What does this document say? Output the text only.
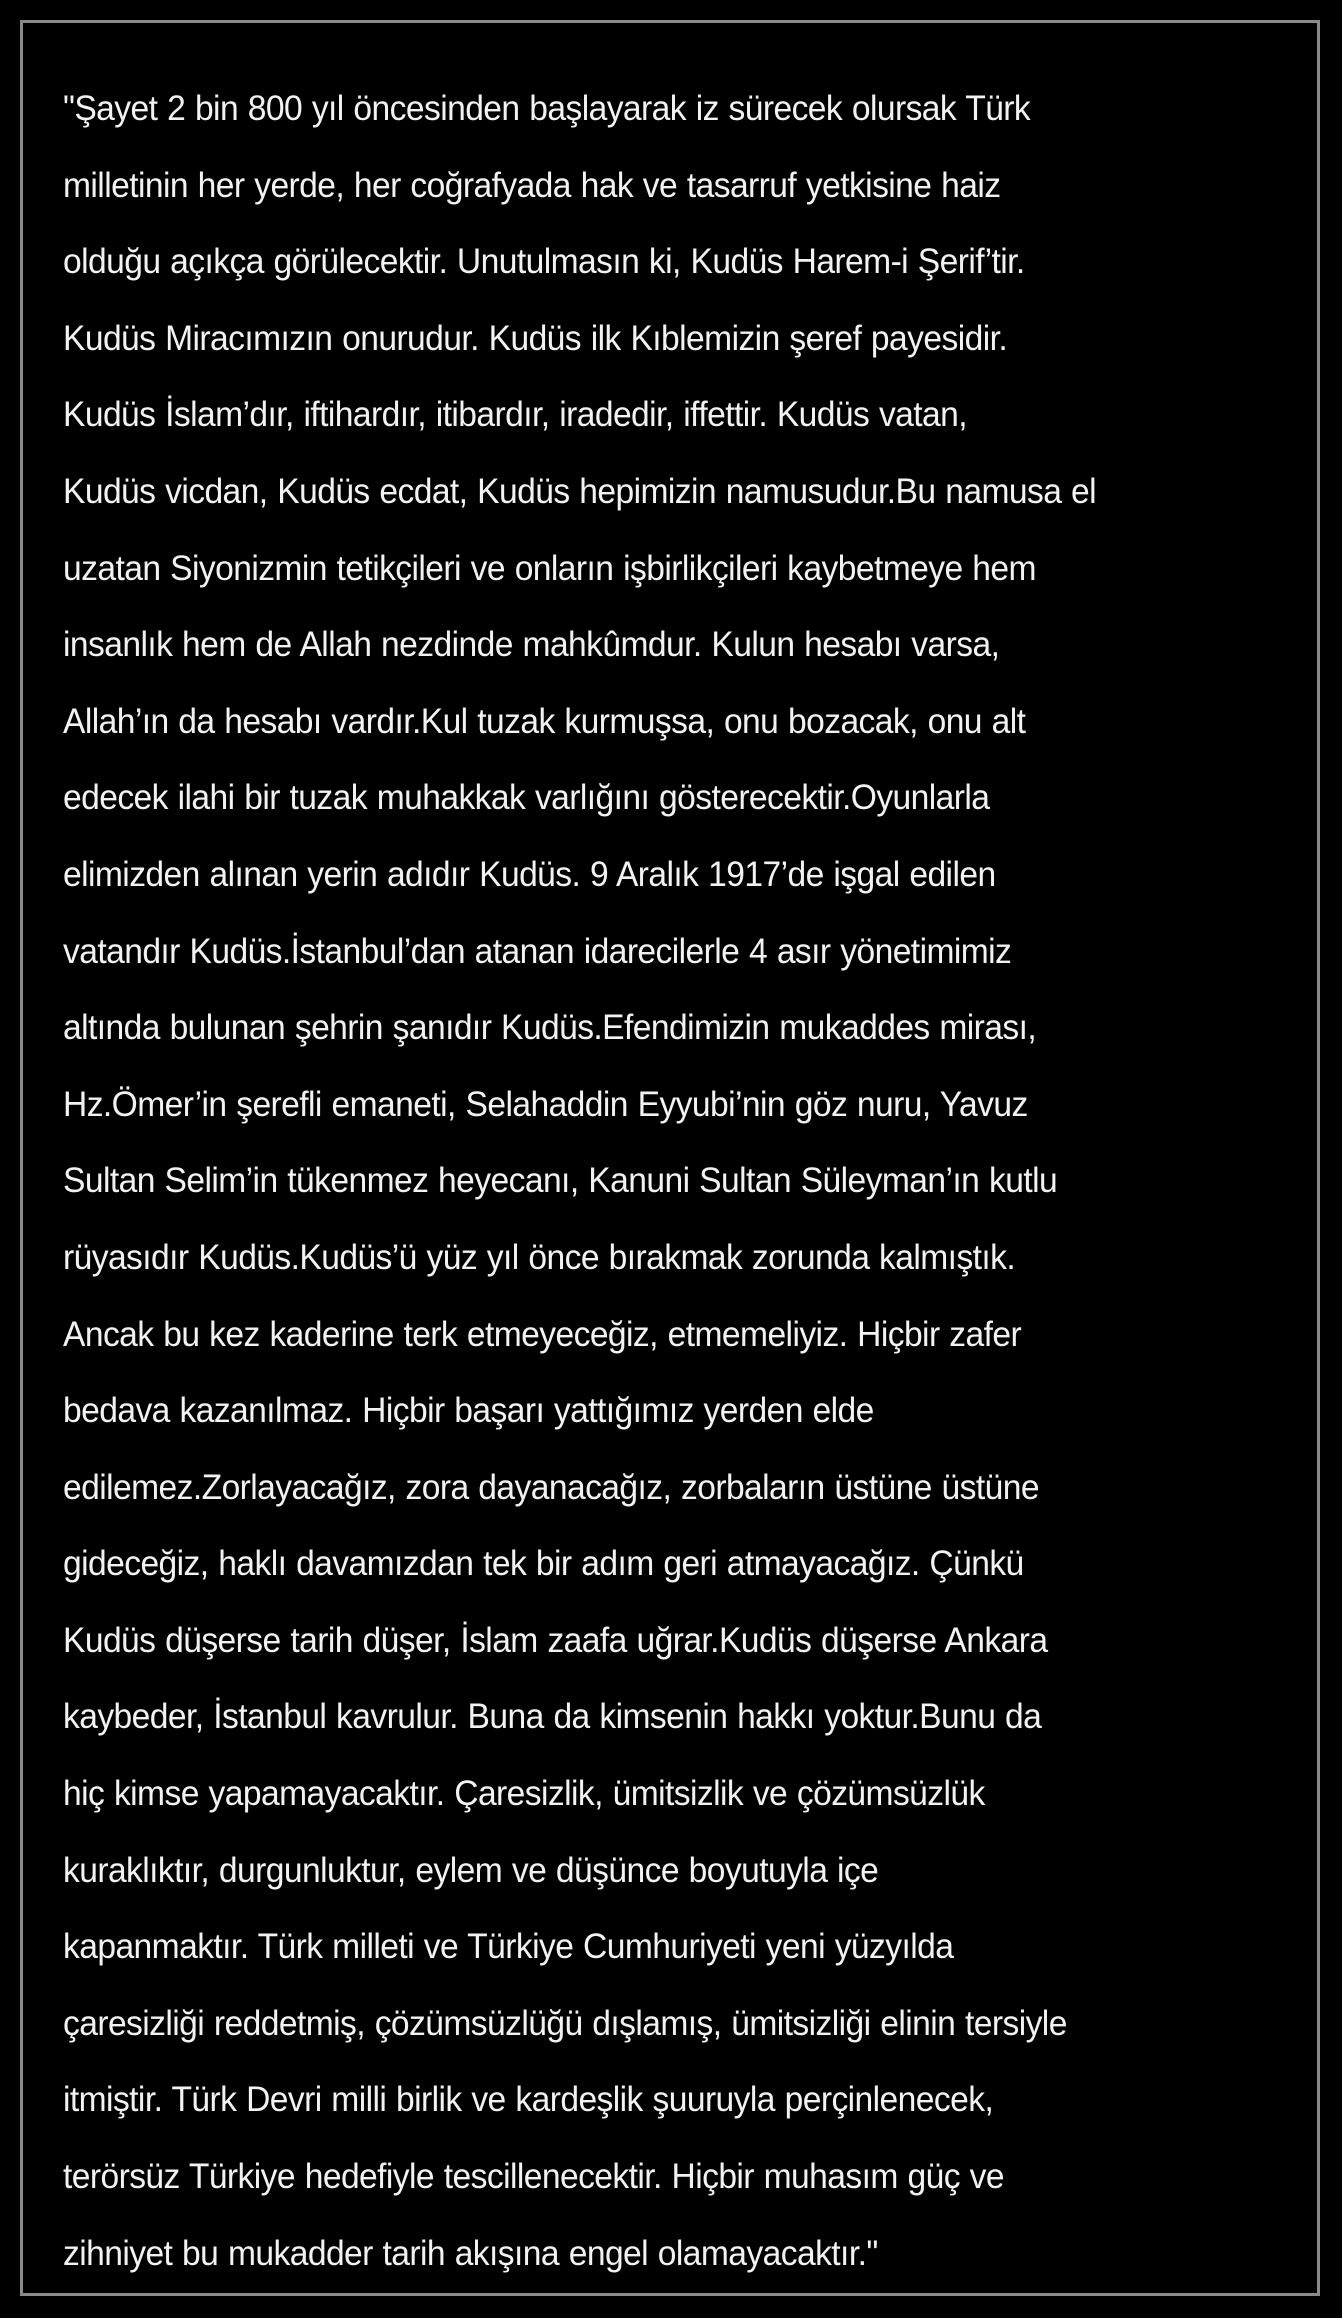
"Şayet 2 bin 800 yıl öncesinden başlayarak iz sürecek olursak Türk
milletinin her yerde, her coğrafyada hak ve tasarruf yetkisine haiz
olduğu açıkça görülecektir. Unutulmasın ki, Kudüs Harem-i Şerif’tir.
Kudüs Miracımızın onurudur. Kudüs ilk Kıblemizin şeref payesidir.
Kudüs İslam’dır, iftihardır, itibardır, iradedir, iffettir. Kudüs vatan,
Kudüs vicdan, Kudüs ecdat, Kudüs hepimizin namusudur.Bu namusa el
uzatan Siyonizmin tetikçileri ve onların işbirlikçileri kaybetmeye hem
insanlık hem de Allah nezdinde mahkûmdur. Kulun hesabı varsa,
Allah’ın da hesabı vardır.Kul tuzak kurmuşsa, onu bozacak, onu alt
edecek ilahi bir tuzak muhakkak varlığını gösterecektir.Oyunlarla
elimizden alınan yerin adıdır Kudüs. 9 Aralık 1917’de işgal edilen
vatandır Kudüs.İstanbul’dan atanan idarecilerle 4 asır yönetimimiz
altında bulunan şehrin şanıdır Kudüs.Efendimizin mukaddes mirası,
Hz.Ömer’in şerefli emaneti, Selahaddin Eyyubi’nin göz nuru, Yavuz
Sultan Selim’in tükenmez heyecanı, Kanuni Sultan Süleyman’ın kutlu
rüyasıdır Kudüs.Kudüs’ü yüz yıl önce bırakmak zorunda kalmıştık.
Ancak bu kez kaderine terk etmeyeceğiz, etmemeliyiz. Hiçbir zafer
bedava kazanılmaz. Hiçbir başarı yattığımız yerden elde
edilemez.Zorlayacağız, zora dayanacağız, zorbaların üstüne üstüne
gideceğiz, haklı davamızdan tek bir adım geri atmayacağız. Çünkü
Kudüs düşerse tarih düşer, İslam zaafa uğrar.Kudüs düşerse Ankara
kaybeder, İstanbul kavrulur. Buna da kimsenin hakkı yoktur.Bunu da
hiç kimse yapamayacaktır. Çaresizlik, ümitsizlik ve çözümsüzlük
kuraklıktır, durgunluktur, eylem ve düşünce boyutuyla içe
kapanmaktır. Türk milleti ve Türkiye Cumhuriyeti yeni yüzyılda
çaresizliği reddetmiş, çözümsüzlüğü dışlamış, ümitsizliği elinin tersiyle
itmiştir. Türk Devri milli birlik ve kardeşlik şuuruyla perçinlenecek,
terörsüz Türkiye hedefiyle tescillenecektir. Hiçbir muhasım güç ve
zihniyet bu mukadder tarih akışına engel olamayacaktır."
